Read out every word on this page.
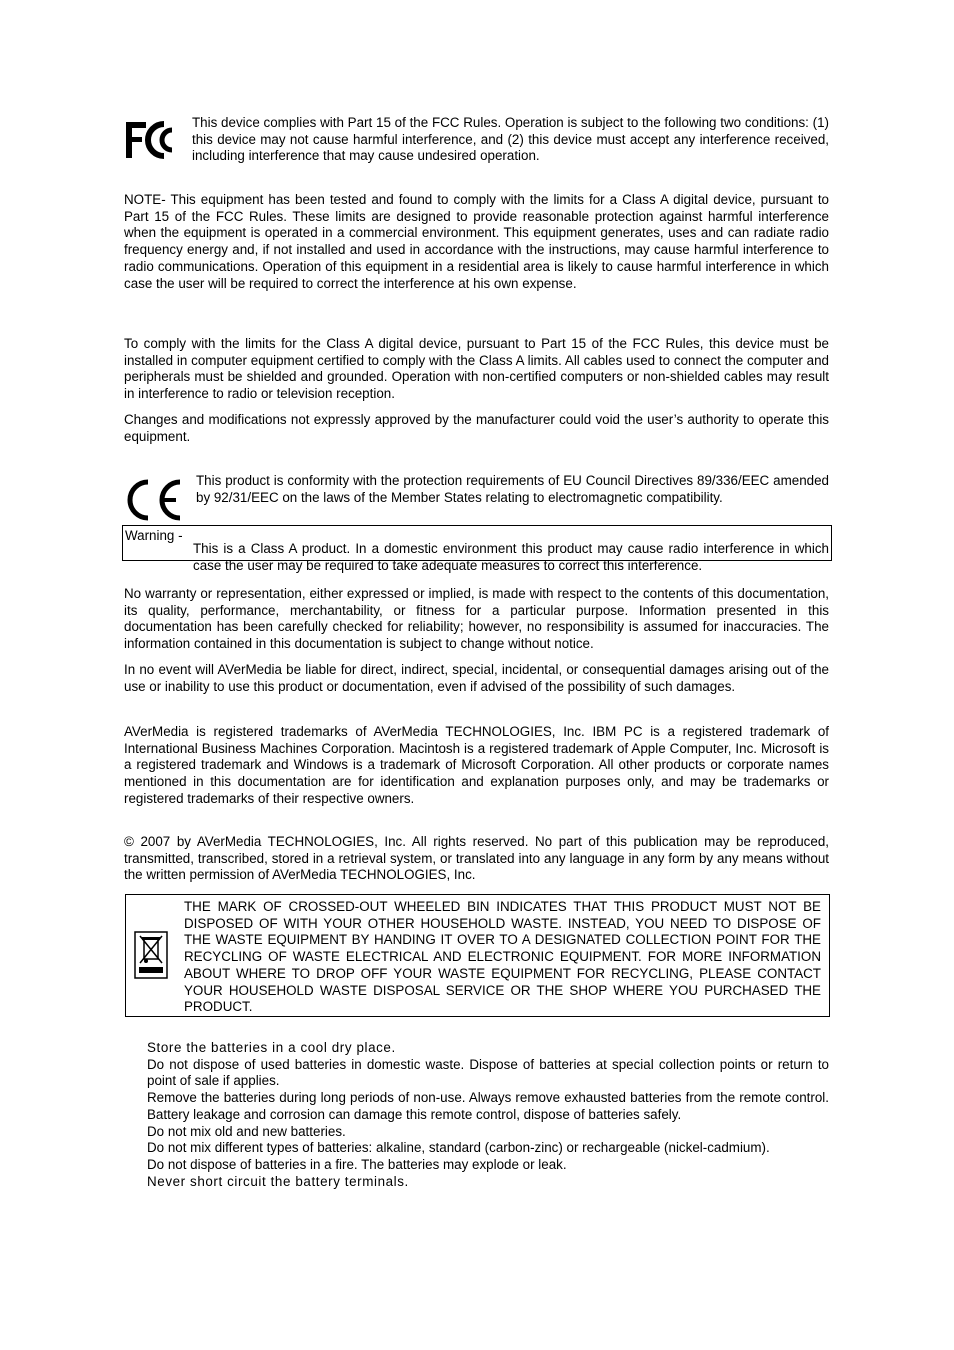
This device complies with Part 15 of the FCC Rules. Operation is subject to the following two conditions: (1) this device may not cause harmful interference, and (2) this device must accept any interference received, including interference that may cause undesired operation.

NOTE- This equipment has been tested and found to comply with the limits for a Class A digital device, pursuant to Part 15 of the FCC Rules. These limits are designed to provide reasonable protection against harmful interference when the equipment is operated in a commercial environment. This equipment generates, uses and can radiate radio frequency energy and, if not installed and used in accordance with the instructions, may cause harmful interference to radio communications. Operation of this equipment in a residential area is likely to cause harmful interference in which case the user will be required to correct the interference at his own expense.

To comply with the limits for the Class A digital device, pursuant to Part 15 of the FCC Rules, this device must be installed in computer equipment certified to comply with the Class A limits. All cables used to connect the computer and peripherals must be shielded and grounded. Operation with non-certified computers or non-shielded cables may result in interference to radio or television reception.

Changes and modifications not expressly approved by the manufacturer could void the user’s authority to operate this equipment.

This product is conformity with the protection requirements of EU Council Directives 89/336/EEC amended by 92/31/EEC on the laws of the Member States relating to electromagnetic compatibility.

Warning -

This is a Class A product. In a domestic environment this product may cause radio interference in which case the user may be required to take adequate measures to correct this interference.

No warranty or representation, either expressed or implied, is made with respect to the contents of this documentation, its quality, performance, merchantability, or fitness for a particular purpose. Information presented in this documentation has been carefully checked for reliability; however, no responsibility is assumed for inaccuracies. The information contained in this documentation is subject to change without notice.

In no event will AVerMedia be liable for direct, indirect, special, incidental, or consequential damages arising out of the use or inability to use this product or documentation, even if advised of the possibility of such damages.

AVerMedia is registered trademarks of AVerMedia TECHNOLOGIES, Inc. IBM PC is a registered trademark of International Business Machines Corporation. Macintosh is a registered trademark of Apple Computer, Inc. Microsoft is a registered trademark and Windows is a trademark of Microsoft Corporation. All other products or corporate names mentioned in this documentation are for identification and explanation purposes only, and may be trademarks or registered trademarks of their respective owners.

© 2007 by AVerMedia TECHNOLOGIES, Inc. All rights reserved. No part of this publication may be reproduced, transmitted, transcribed, stored in a retrieval system, or translated into any language in any form by any means without the written permission of AVerMedia TECHNOLOGIES, Inc.

THE MARK OF CROSSED-OUT WHEELED BIN INDICATES THAT THIS PRODUCT MUST NOT BE DISPOSED OF WITH YOUR OTHER HOUSEHOLD WASTE. INSTEAD, YOU NEED TO DISPOSE OF THE WASTE EQUIPMENT BY HANDING IT OVER TO A DESIGNATED COLLECTION POINT FOR THE RECYCLING OF WASTE ELECTRICAL AND ELECTRONIC EQUIPMENT. FOR MORE INFORMATION ABOUT WHERE TO DROP OFF YOUR WASTE EQUIPMENT FOR RECYCLING, PLEASE CONTACT YOUR HOUSEHOLD WASTE DISPOSAL SERVICE OR THE SHOP WHERE YOU PURCHASED THE PRODUCT.

Store the batteries in a cool dry place.
Do not dispose of used batteries in domestic waste. Dispose of batteries at special collection points or return to point of sale if applies.
Remove the batteries during long periods of non-use. Always remove exhausted batteries from the remote control. Battery leakage and corrosion can damage this remote control, dispose of batteries safely.
Do not mix old and new batteries.
Do not mix different types of batteries: alkaline, standard (carbon-zinc) or rechargeable (nickel-cadmium).
Do not dispose of batteries in a fire. The batteries may explode or leak.
Never short circuit the battery terminals.
